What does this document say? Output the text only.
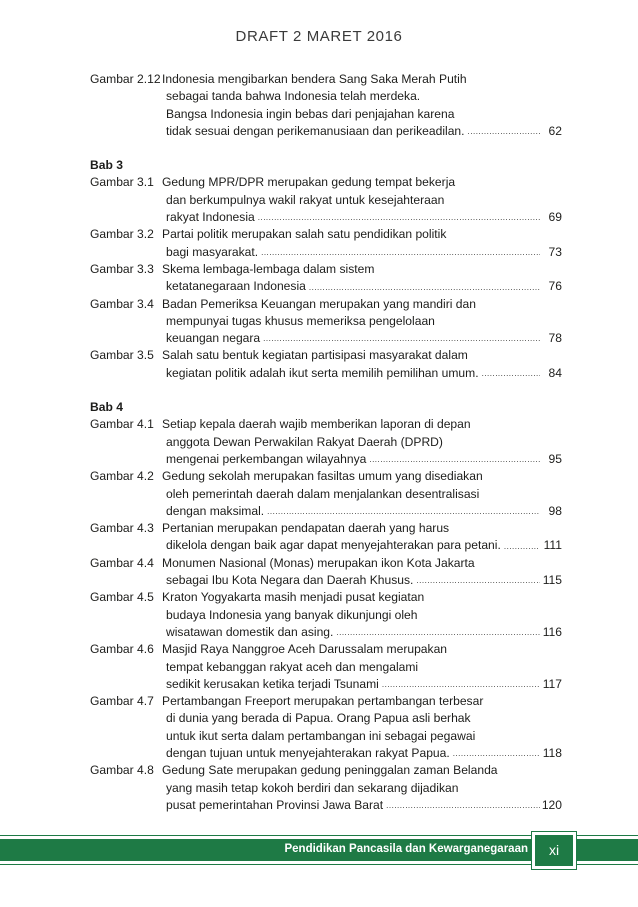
DRAFT 2 MARET 2016
Gambar 2.12 Indonesia mengibarkan bendera Sang Saka Merah Putih
sebagai tanda bahwa Indonesia telah merdeka.
Bangsa Indonesia ingin bebas dari penjajahan karena
tidak sesuai dengan perikemanusiaan dan perikeadilan. .....	62
Bab 3
Gambar 3.1 Gedung MPR/DPR merupakan gedung tempat bekerja
dan berkumpulnya wakil rakyat untuk kesejahteraan
rakyat Indonesia .....	69
Gambar 3.2 Partai politik merupakan salah satu pendidikan politik
bagi masyarakat. .....	73
Gambar 3.3 Skema lembaga-lembaga dalam sistem
ketatanegaraan Indonesia .....	76
Gambar 3.4 Badan Pemeriksa Keuangan merupakan yang mandiri dan
mempunyai tugas khusus memeriksa pengelolaan
keuangan negara .....	78
Gambar 3.5 Salah satu bentuk kegiatan partisipasi masyarakat dalam
kegiatan politik adalah ikut serta memilih pemilihan umum. .....	84
Bab 4
Gambar 4.1 Setiap kepala daerah wajib memberikan laporan di depan
anggota Dewan Perwakilan Rakyat Daerah (DPRD)
mengenai perkembangan wilayahnya .....	95
Gambar 4.2 Gedung sekolah merupakan fasiltas umum yang disediakan
oleh pemerintah daerah dalam menjalankan desentralisasi
dengan maksimal. .....	98
Gambar 4.3 Pertanian merupakan pendapatan daerah yang harus
dikelola dengan baik agar dapat menyejahterakan para petani. .....	111
Gambar 4.4 Monumen Nasional (Monas) merupakan ikon Kota Jakarta
sebagai Ibu Kota Negara dan Daerah Khusus. .....	115
Gambar 4.5 Kraton Yogyakarta masih menjadi pusat kegiatan
budaya Indonesia yang banyak dikunjungi oleh
wisatawan domestik dan asing. .....	116
Gambar 4.6 Masjid Raya Nanggroe Aceh Darussalam merupakan
tempat kebanggan rakyat aceh dan mengalami
sedikit kerusakan ketika terjadi Tsunami .....	117
Gambar 4.7 Pertambangan Freeport merupakan pertambangan terbesar
di dunia yang berada di Papua. Orang Papua asli berhak
untuk ikut serta dalam pertambangan ini sebagai pegawai
dengan tujuan untuk menyejahterakan rakyat Papua. .....	118
Gambar 4.8 Gedung Sate merupakan gedung peninggalan zaman Belanda
yang masih tetap kokoh berdiri dan sekarang dijadikan
pusat pemerintahan Provinsi Jawa Barat .....	120
Pendidikan Pancasila dan Kewarganegaraan	xi
